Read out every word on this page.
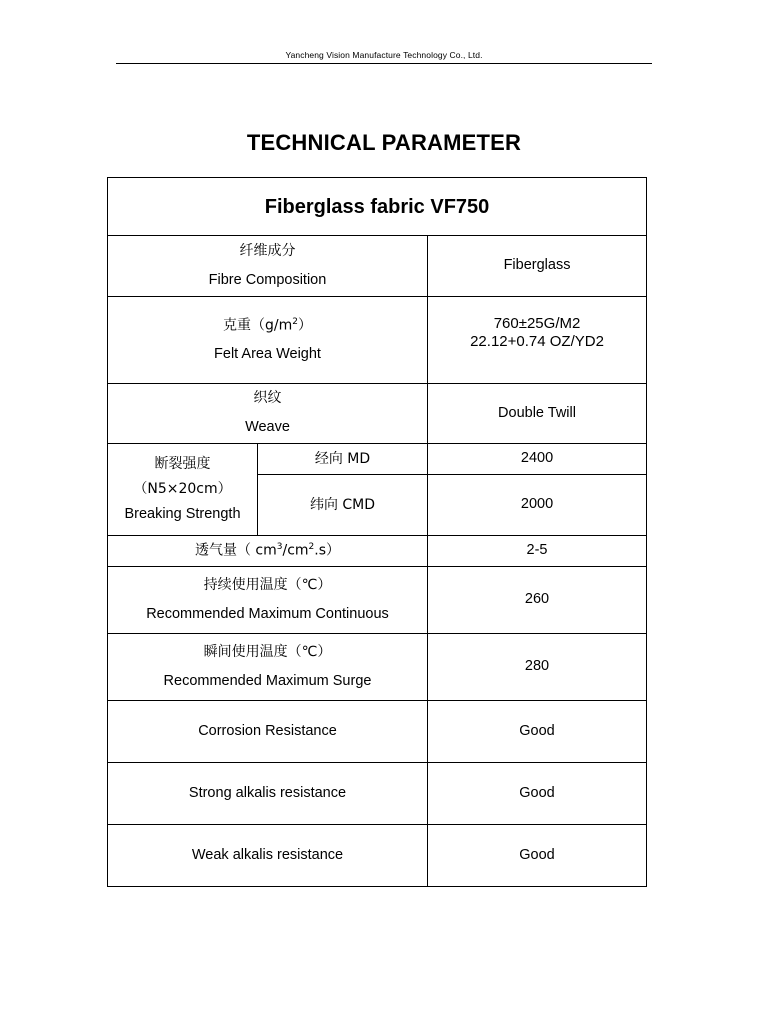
Yancheng Vision Manufacture Technology Co., Ltd.
TECHNICAL PARAMETER
Fiberglass fabric VF750		

纤维成分
Fibre Composition		Fiberglass

克重$(g/m^2)$
Felt Area Weight		760±25G/M2
22.12+0.74 OZ/YD2

织纹
Weave		Double Twill

断裂强度
（N5×20cm）
Breaking Strength	经向 MD	2400

	纬向 CMD	2000

透气量（ $cm^3/cm^2.s$）		2-5

持续使用温度（℃）
Recommended Maximum Continuous		260

瞬间使用温度（℃）
Recommended Maximum Surge		280
Corrosion Resistance		Good
Strong alkalis resistance		Good
Weak alkalis resistance		Good
